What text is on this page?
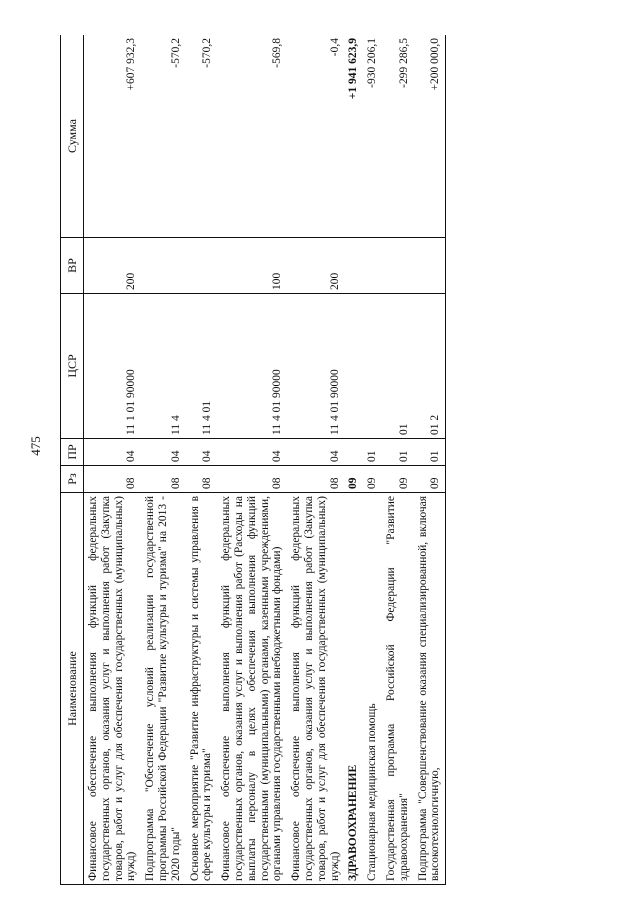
475
Наименование	Рз	ПР	ЦСР	ВР	Сумма
Финансовое обеспечение выполнения функций федеральных государственных органов, оказания услуг и выполнения работ (Закупка товаров, работ и услуг для обеспечения государственных (муниципальных) нужд)	08	04	11 1 01 90000	200	+607 932,3
Подпрограмма "Обеспечение условий реализации государственной программы Российской Федерации "Развитие культуры и туризма" на 2013 - 2020 годы"	08	04	11 4		-570,2
Основное мероприятие "Развитие инфраструктуры и системы управления в сфере культуры и туризма"	08	04	11 4 01		-570,2
Финансовое обеспечение выполнения функций федеральных государственных органов, оказания услуг и выполнения работ (Расходы на выплаты персоналу в целях обеспечения выполнения функций государственными (муниципальными) органами, казенными учреждениями, органами управления государственными внебюджетными фондами)	08	04	11 4 01 90000	100	-569,8
Финансовое обеспечение выполнения функций федеральных государственных органов, оказания услуг и выполнения работ (Закупка товаров, работ и услуг для обеспечения государственных (муниципальных) нужд)	08	04	11 4 01 90000	200	-0,4
ЗДРАВООХРАНЕНИЕ	09				+1 941 623,9
Стационарная медицинская помощь	09	01			-930 206,1
Государственная программа Российской Федерации "Развитие здравоохранения"	09	01	01		-299 286,5
Подпрограмма "Совершенствование оказания специализированной, включая высокотехнологичную,	09	01	01 2		+200 000,0
